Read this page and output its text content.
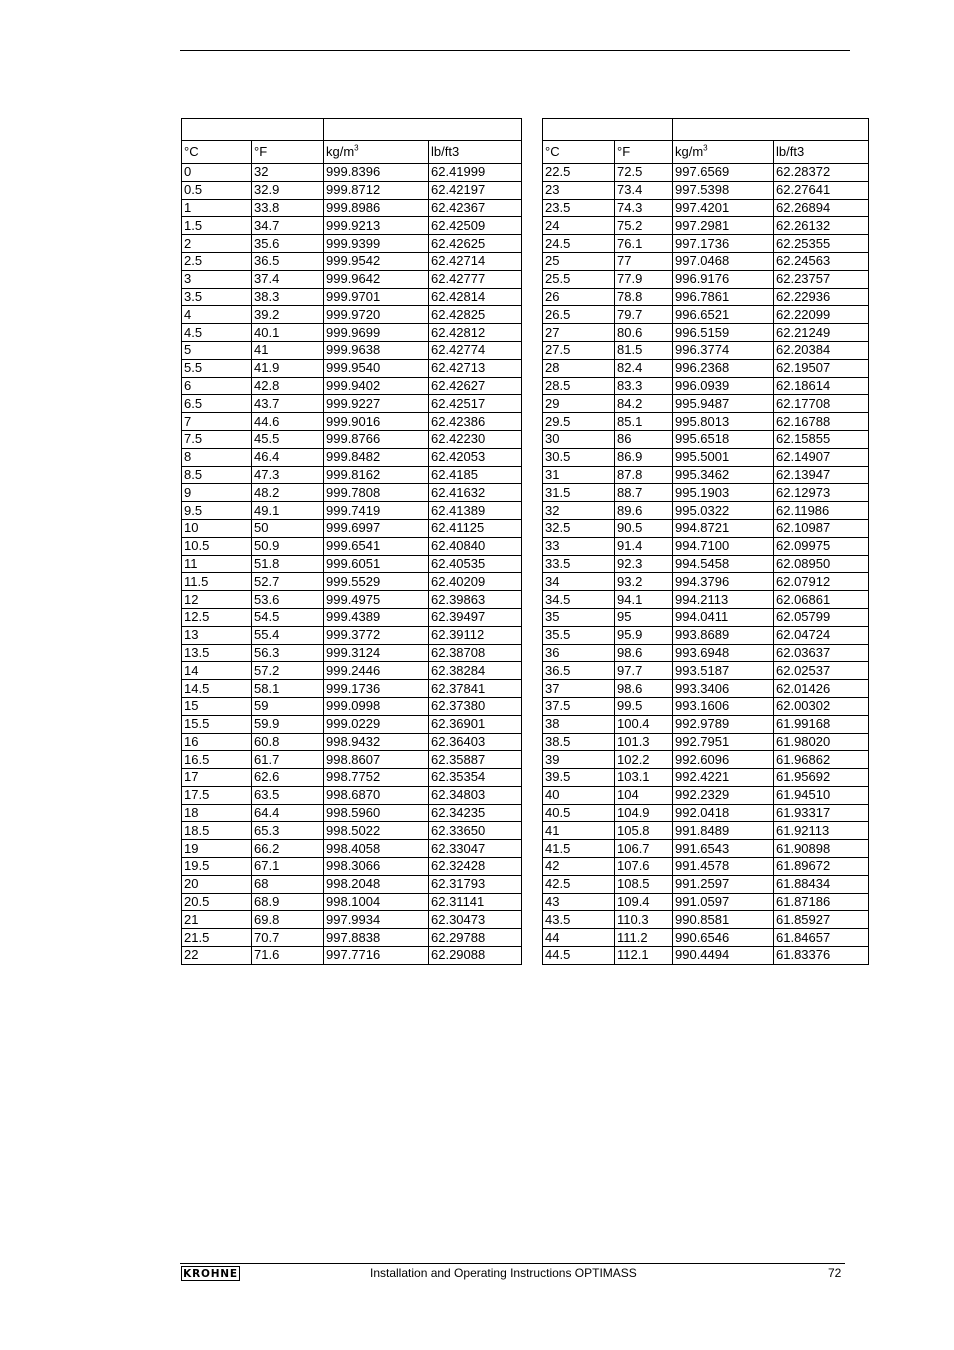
°C	°F	$kg/m^3$	lb/ft3
0	32	999.8396	62.41999
0.5	32.9	999.8712	62.42197
1	33.8	999.8986	62.42367
1.5	34.7	999.9213	62.42509
2	35.6	999.9399	62.42625
2.5	36.5	999.9542	62.42714
3	37.4	999.9642	62.42777
3.5	38.3	999.9701	62.42814
4	39.2	999.9720	62.42825
4.5	40.1	999.9699	62.42812
5	41	999.9638	62.42774
5.5	41.9	999.9540	62.42713
6	42.8	999.9402	62.42627
6.5	43.7	999.9227	62.42517
7	44.6	999.9016	62.42386
7.5	45.5	999.8766	62.42230
8	46.4	999.8482	62.42053
8.5	47.3	999.8162	62.4185
9	48.2	999.7808	62.41632
9.5	49.1	999.7419	62.41389
10	50	999.6997	62.41125
10.5	50.9	999.6541	62.40840
11	51.8	999.6051	62.40535
11.5	52.7	999.5529	62.40209
12	53.6	999.4975	62.39863
12.5	54.5	999.4389	62.39497
13	55.4	999.3772	62.39112
13.5	56.3	999.3124	62.38708
14	57.2	999.2446	62.38284
14.5	58.1	999.1736	62.37841
15	59	999.0998	62.37380
15.5	59.9	999.0229	62.36901
16	60.8	998.9432	62.36403
16.5	61.7	998.8607	62.35887
17	62.6	998.7752	62.35354
17.5	63.5	998.6870	62.34803
18	64.4	998.5960	62.34235
18.5	65.3	998.5022	62.33650
19	66.2	998.4058	62.33047
19.5	67.1	998.3066	62.32428
20	68	998.2048	62.31793
20.5	68.9	998.1004	62.31141
21	69.8	997.9934	62.30473
21.5	70.7	997.8838	62.29788
22	71.6	997.7716	62.29088

°C	°F	$kg/m^3$	lb/ft3
22.5	72.5	997.6569	62.28372
23	73.4	997.5398	62.27641
23.5	74.3	997.4201	62.26894
24	75.2	997.2981	62.26132
24.5	76.1	997.1736	62.25355
25	77	997.0468	62.24563
25.5	77.9	996.9176	62.23757
26	78.8	996.7861	62.22936
26.5	79.7	996.6521	62.22099
27	80.6	996.5159	62.21249
27.5	81.5	996.3774	62.20384
28	82.4	996.2368	62.19507
28.5	83.3	996.0939	62.18614
29	84.2	995.9487	62.17708
29.5	85.1	995.8013	62.16788
30	86	995.6518	62.15855
30.5	86.9	995.5001	62.14907
31	87.8	995.3462	62.13947
31.5	88.7	995.1903	62.12973
32	89.6	995.0322	62.11986
32.5	90.5	994.8721	62.10987
33	91.4	994.7100	62.09975
33.5	92.3	994.5458	62.08950
34	93.2	994.3796	62.07912
34.5	94.1	994.2113	62.06861
35	95	994.0411	62.05799
35.5	95.9	993.8689	62.04724
36	98.6	993.6948	62.03637
36.5	97.7	993.5187	62.02537
37	98.6	993.3406	62.01426
37.5	99.5	993.1606	62.00302
38	100.4	992.9789	61.99168
38.5	101.3	992.7951	61.98020
39	102.2	992.6096	61.96862
39.5	103.1	992.4221	61.95692
40	104	992.2329	61.94510
40.5	104.9	992.0418	61.93317
41	105.8	991.8489	61.92113
41.5	106.7	991.6543	61.90898
42	107.6	991.4578	61.89672
42.5	108.5	991.2597	61.88434
43	109.4	991.0597	61.87186
43.5	110.3	990.8581	61.85927
44	111.2	990.6546	61.84657
44.5	112.1	990.4494	61.83376
KROHNE	Installation and Operating Instructions OPTIMASS	72
